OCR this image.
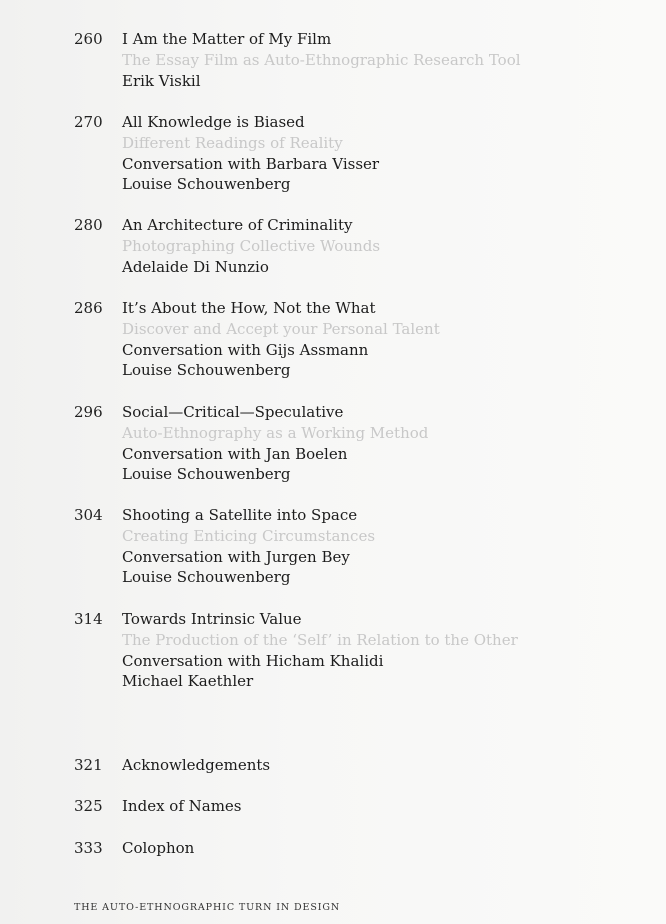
260	I Am the Matter of My Film
The Essay Film as Auto-Ethnographic Research Tool
Erik Viskil
270	All Knowledge is Biased
Different Readings of Reality
Conversation with Barbara Visser
Louise Schouwenberg
280	An Architecture of Criminality
Photographing Collective Wounds
Adelaide Di Nunzio
286	It’s About the How, Not the What
Discover and Accept your Personal Talent
Conversation with Gijs Assmann
Louise Schouwenberg
296	Social—Critical—Speculative
Auto-Ethnography as a Working Method
Conversation with Jan Boelen
Louise Schouwenberg
304	Shooting a Satellite into Space
Creating Enticing Circumstances
Conversation with Jurgen Bey
Louise Schouwenberg
314	Towards Intrinsic Value
The Production of the ‘Self’ in Relation to the Other
Conversation with Hicham Khalidi
Michael Kaethler
321	Acknowledgements
325	Index of Names
333	Colophon
THE AUTO-ETHNOGRAPHIC TURN IN DESIGN
